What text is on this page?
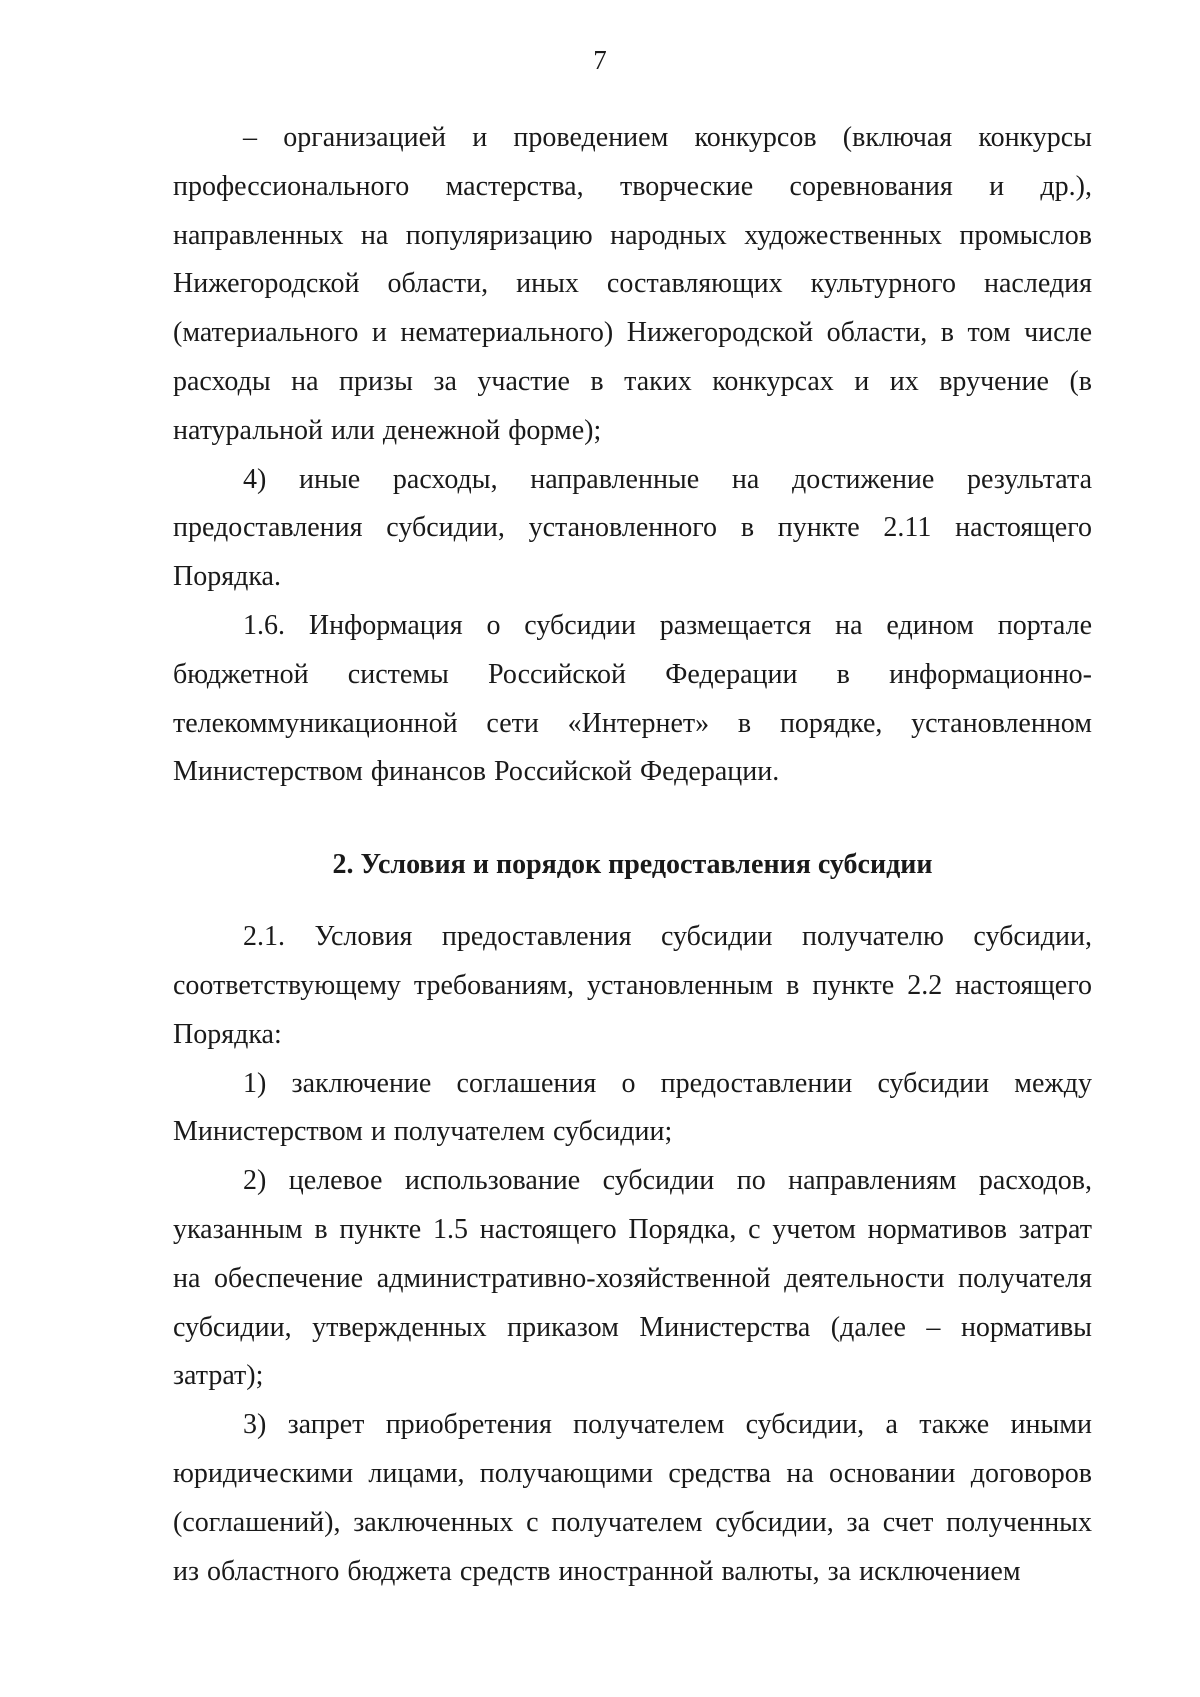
7

– организацией и проведением конкурсов (включая конкурсы профессионального мастерства, творческие соревнования и др.), направленных на популяризацию народных художественных промыслов Нижегородской области, иных составляющих культурного наследия (материального и нематериального) Нижегородской области, в том числе расходы на призы за участие в таких конкурсах и их вручение (в натуральной или денежной форме);

4) иные расходы, направленные на достижение результата предоставления субсидии, установленного в пункте 2.11 настоящего Порядка.

1.6. Информация о субсидии размещается на едином портале бюджетной системы Российской Федерации в информационно-телекоммуникационной сети «Интернет» в порядке, установленном Министерством финансов Российской Федерации.

2. Условия и порядок предоставления субсидии

2.1. Условия предоставления субсидии получателю субсидии, соответствующему требованиям, установленным в пункте 2.2 настоящего Порядка:

1) заключение соглашения о предоставлении субсидии между Министерством и получателем субсидии;

2) целевое использование субсидии по направлениям расходов, указанным в пункте 1.5 настоящего Порядка, с учетом нормативов затрат на обеспечение административно-хозяйственной деятельности получателя субсидии, утвержденных приказом Министерства (далее – нормативы затрат);

3) запрет приобретения получателем субсидии, а также иными юридическими лицами, получающими средства на основании договоров (соглашений), заключенных с получателем субсидии, за счет полученных из областного бюджета средств иностранной валюты, за исключением
